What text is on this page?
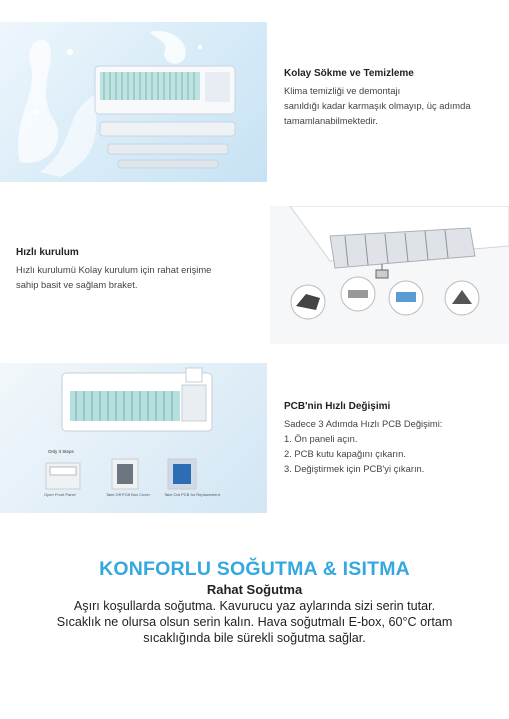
Kolay Sökme ve Temizleme
Klima temizliği ve demontajı
sanıldığı kadar karmaşık olmayıp, üç adımda
tamamlanabilmektedir.
Hızlı kurulum
Hızlı kurulumü Kolay kurulum için rahat erişime
sahip basit ve sağlam braket.
Only 3 Steps
Open Front Panel	Take Off PCB Box Cover	Take Out PCB for Replacement
PCB'nin Hızlı Değişimi
Sadece 3 Adımda Hızlı PCB Değişimi:
1. Ön paneli açın.
2. PCB kutu kapağını çıkarın.
3. Değiştirmek için PCB'yi çıkarın.
KONFORLU SOĞUTMA & ISITMA
Rahat Soğutma
Aşırı koşullarda soğutma. Kavurucu yaz aylarında sizi serin tutar.
Sıcaklık ne olursa olsun serin kalın. Hava soğutmalı E-box, 60°C ortam
sıcaklığında bile sürekli soğutma sağlar.
